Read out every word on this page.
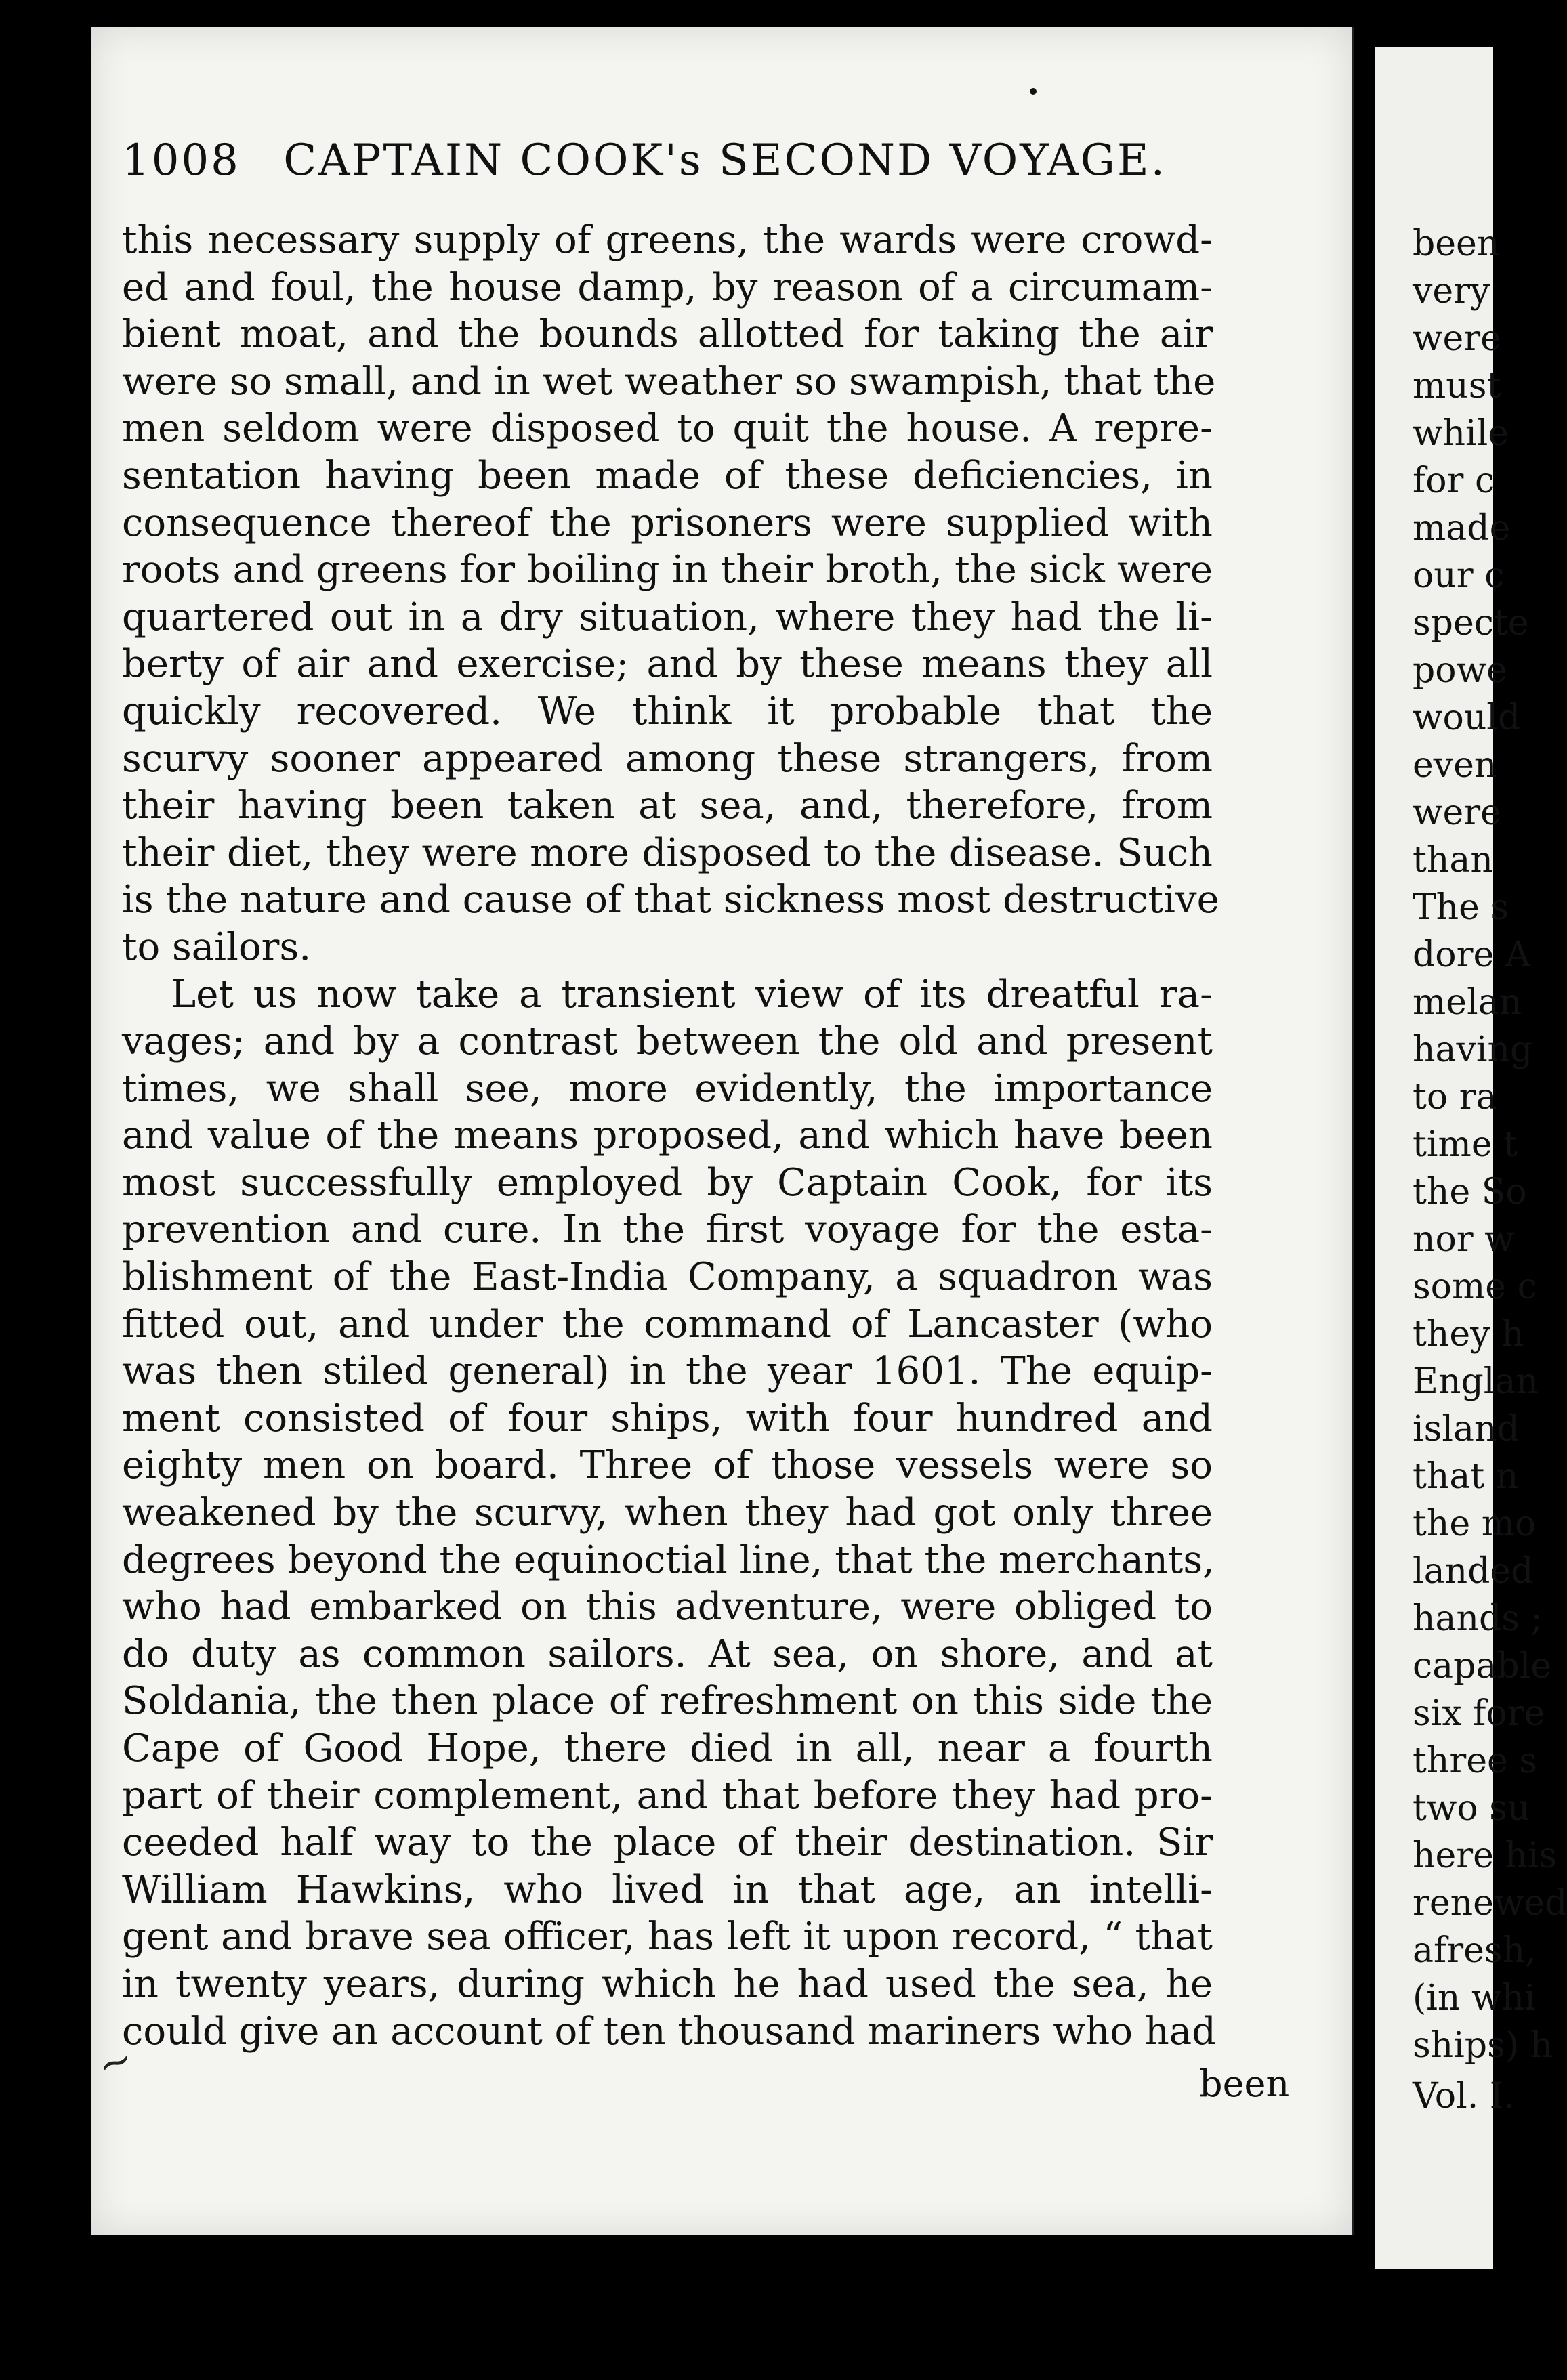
1008 CAPTAIN COOK's SECOND VOYAGE.
this necessary supply of greens, the wards were crowd-
ed and foul, the house damp, by reason of a circumam-
bient moat, and the bounds allotted for taking the air
were so small, and in wet weather so swampish, that the
men seldom were disposed to quit the house. A repre-
sentation having been made of these deficiencies, in
consequence thereof the prisoners were supplied with
roots and greens for boiling in their broth, the sick were
quartered out in a dry situation, where they had the li-
berty of air and exercise; and by these means they all
quickly recovered. We think it probable that the
scurvy sooner appeared among these strangers, from
their having been taken at sea, and, therefore, from
their diet, they were more disposed to the disease. Such
is the nature and cause of that sickness most destructive
to sailors.
Let us now take a transient view of its dreatful ra-
vages; and by a contrast between the old and present
times, we shall see, more evidently, the importance
and value of the means proposed, and which have been
most successfully employed by Captain Cook, for its
prevention and cure. In the first voyage for the esta-
blishment of the East-India Company, a squadron was
fitted out, and under the command of Lancaster (who
was then stiled general) in the year 1601. The equip-
ment consisted of four ships, with four hundred and
eighty men on board. Three of those vessels were so
weakened by the scurvy, when they had got only three
degrees beyond the equinoctial line, that the merchants,
who had embarked on this adventure, were obliged to
do duty as common sailors. At sea, on shore, and at
Soldania, the then place of refreshment on this side the
Cape of Good Hope, there died in all, near a fourth
part of their complement, and that before they had pro-
ceeded half way to the place of their destination. Sir
William Hawkins, who lived in that age, an intelli-
gent and brave sea officer, has left it upon record, “ that
in twenty years, during which he had used the sea, he
could give an account of ten thousand mariners who had
been
~
been
very
were
must
while
for c
made
our c
specte
powe
would
even
were
than
The s
dore A
melan
having
to ra
time t
the So
nor w
some c
they h
Englan
island
that n
the mo
landed
hands ;
capable
six fore
three s
two su
here his
renewed
afresh,
(in whi
ships) h
Vol. I.
